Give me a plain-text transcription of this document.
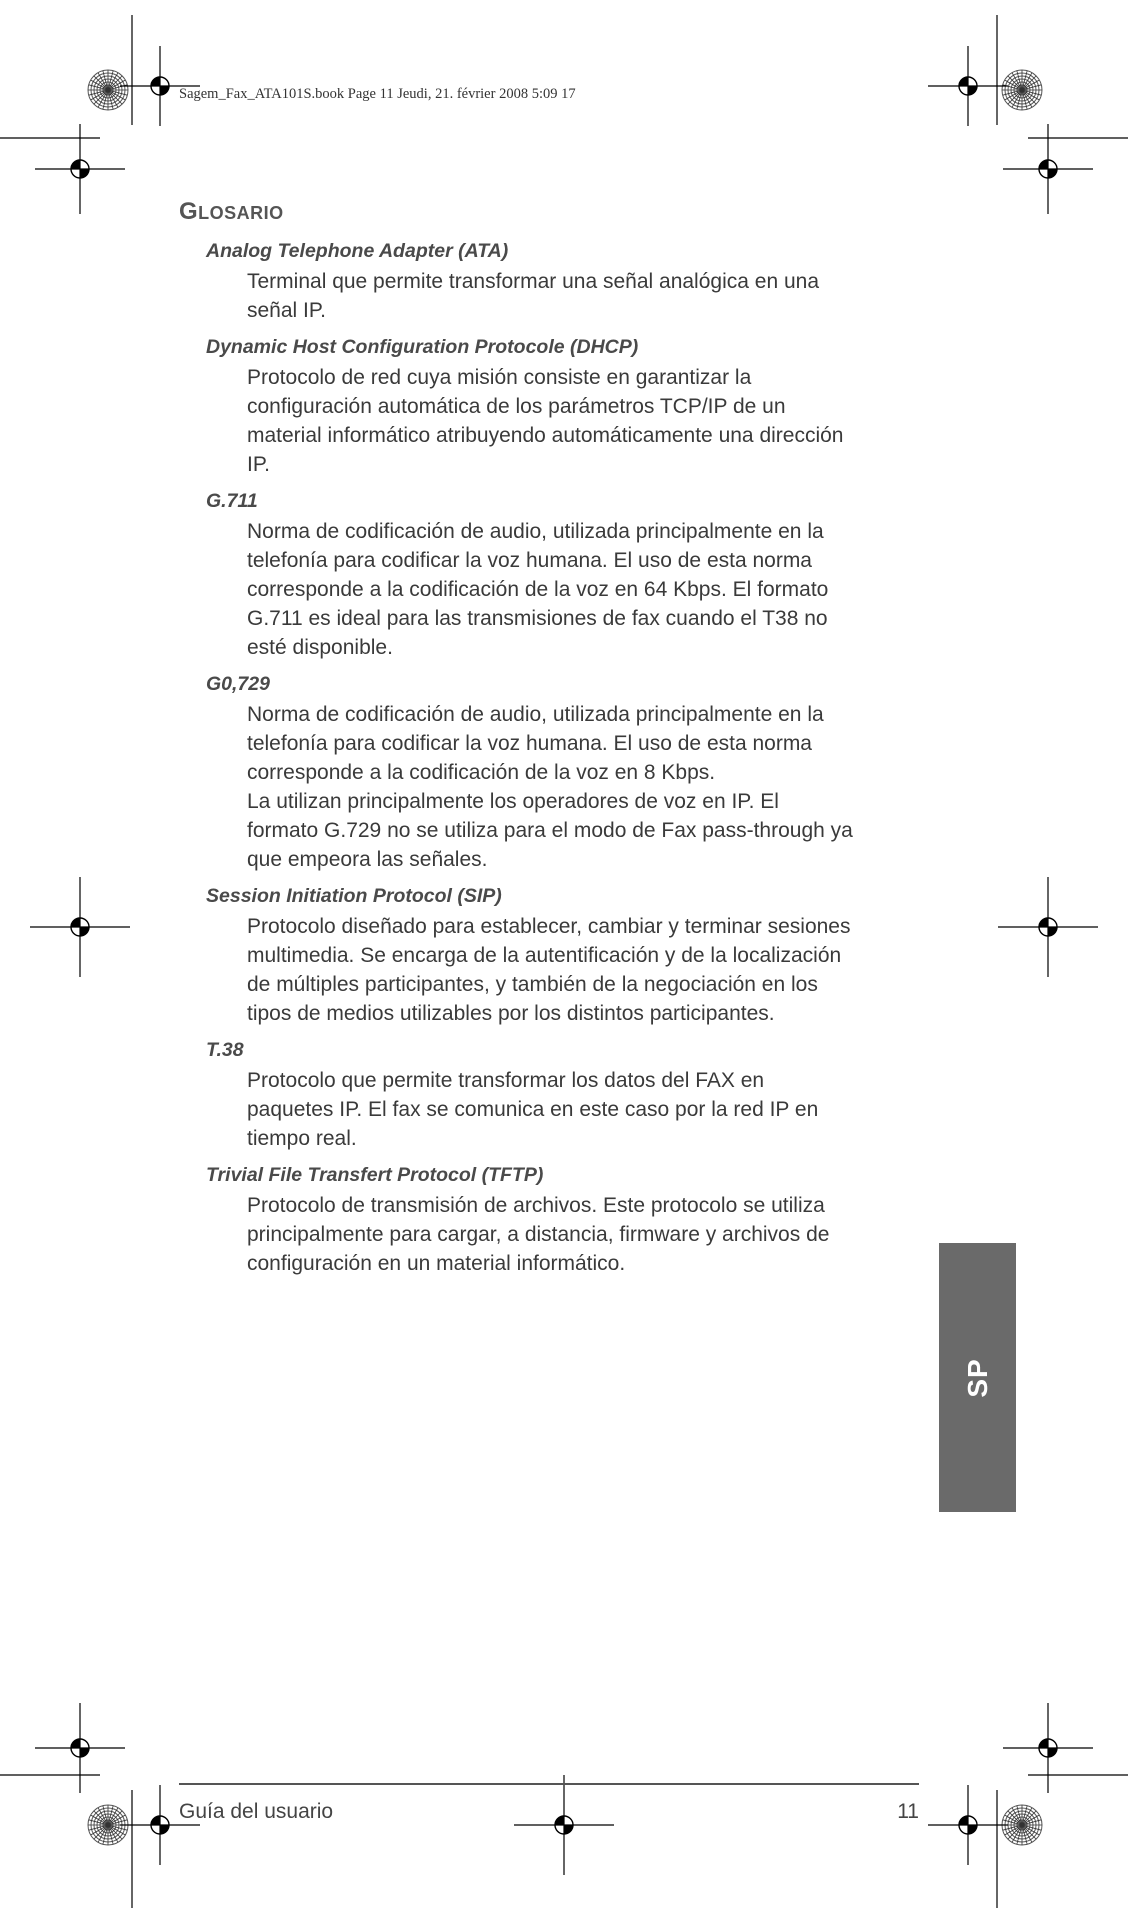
Sagem_Fax_ATA101S.book Page 11 Jeudi, 21. février 2008 5:09 17
GLOSARIO
Analog Telephone Adapter (ATA)
Terminal que permite transformar una señal analógica en una
señal IP.
Dynamic Host Configuration Protocole (DHCP)
Protocolo de red cuya misión consiste en garantizar la
configuración automática de los parámetros TCP/IP de un
material informático atribuyendo automáticamente una dirección
IP.
G.711
Norma de codificación de audio, utilizada principalmente en la
telefonía para codificar la voz humana. El uso de esta norma
corresponde a la codificación de la voz en 64 Kbps. El formato
G.711 es ideal para las transmisiones de fax cuando el T38 no
esté disponible.
G0,729
Norma de codificación de audio, utilizada principalmente en la
telefonía para codificar la voz humana. El uso de esta norma
corresponde a la codificación de la voz en 8 Kbps.
La utilizan principalmente los operadores de voz en IP. El
formato G.729 no se utiliza para el modo de Fax pass-through ya
que empeora las señales.
Session Initiation Protocol (SIP)
Protocolo diseñado para establecer, cambiar y terminar sesiones
multimedia. Se encarga de la autentificación y de la localización
de múltiples participantes, y también de la negociación en los
tipos de medios utilizables por los distintos participantes.
T.38
Protocolo que permite transformar los datos del FAX en
paquetes IP. El fax se comunica en este caso por la red IP en
tiempo real.
Trivial File Transfert Protocol (TFTP)
Protocolo de transmisión de archivos. Este protocolo se utiliza
principalmente para cargar, a distancia, firmware y archivos de
configuración en un material informático.
SP
Guía del usuario	11
